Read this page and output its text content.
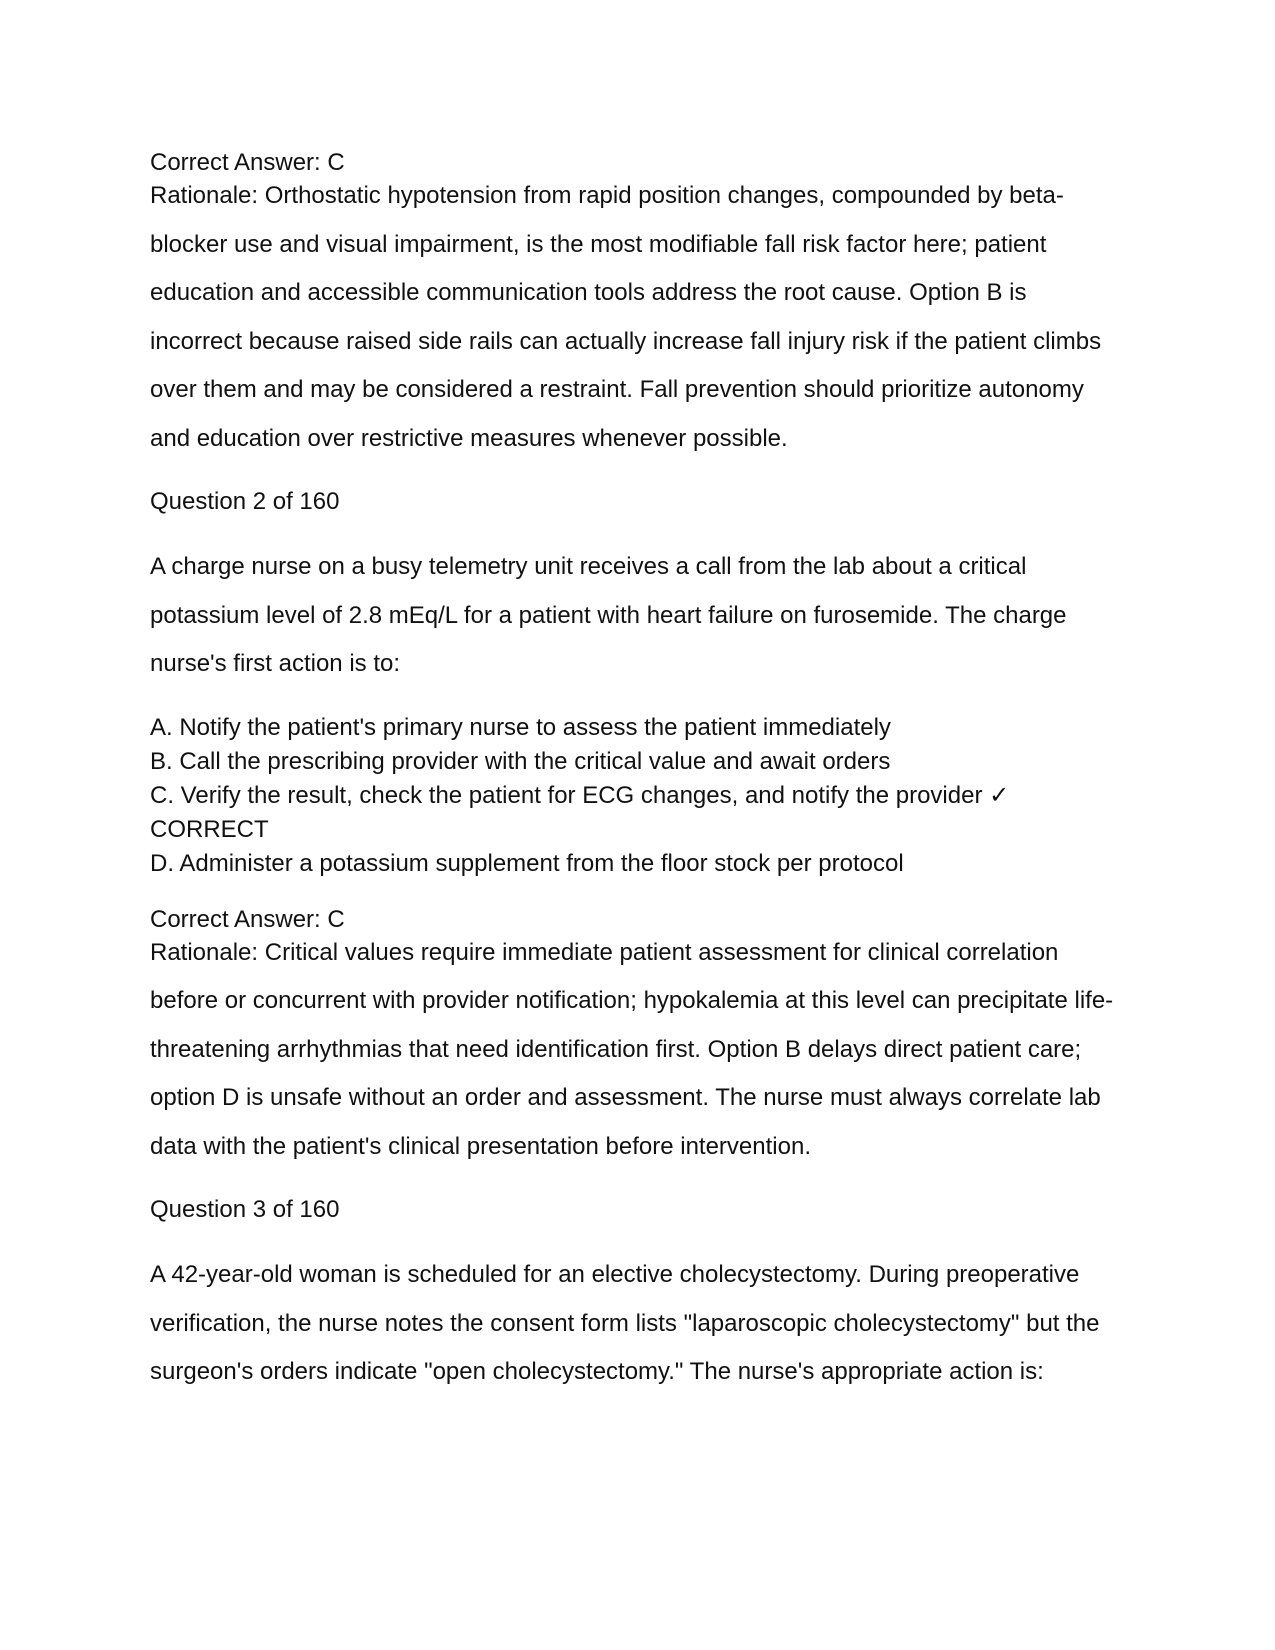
Correct Answer: C

Rationale: Orthostatic hypotension from rapid position changes, compounded by beta-blocker use and visual impairment, is the most modifiable fall risk factor here; patient education and accessible communication tools address the root cause. Option B is incorrect because raised side rails can actually increase fall injury risk if the patient climbs over them and may be considered a restraint. Fall prevention should prioritize autonomy and education over restrictive measures whenever possible.

Question 2 of 160

A charge nurse on a busy telemetry unit receives a call from the lab about a critical potassium level of 2.8 mEq/L for a patient with heart failure on furosemide. The charge nurse's first action is to:

A. Notify the patient's primary nurse to assess the patient immediately
B. Call the prescribing provider with the critical value and await orders
C. Verify the result, check the patient for ECG changes, and notify the provider ✓ CORRECT
D. Administer a potassium supplement from the floor stock per protocol

Correct Answer: C

Rationale: Critical values require immediate patient assessment for clinical correlation before or concurrent with provider notification; hypokalemia at this level can precipitate life-threatening arrhythmias that need identification first. Option B delays direct patient care; option D is unsafe without an order and assessment. The nurse must always correlate lab data with the patient's clinical presentation before intervention.

Question 3 of 160

A 42-year-old woman is scheduled for an elective cholecystectomy. During preoperative verification, the nurse notes the consent form lists "laparoscopic cholecystectomy" but the surgeon's orders indicate "open cholecystectomy." The nurse's appropriate action is:
